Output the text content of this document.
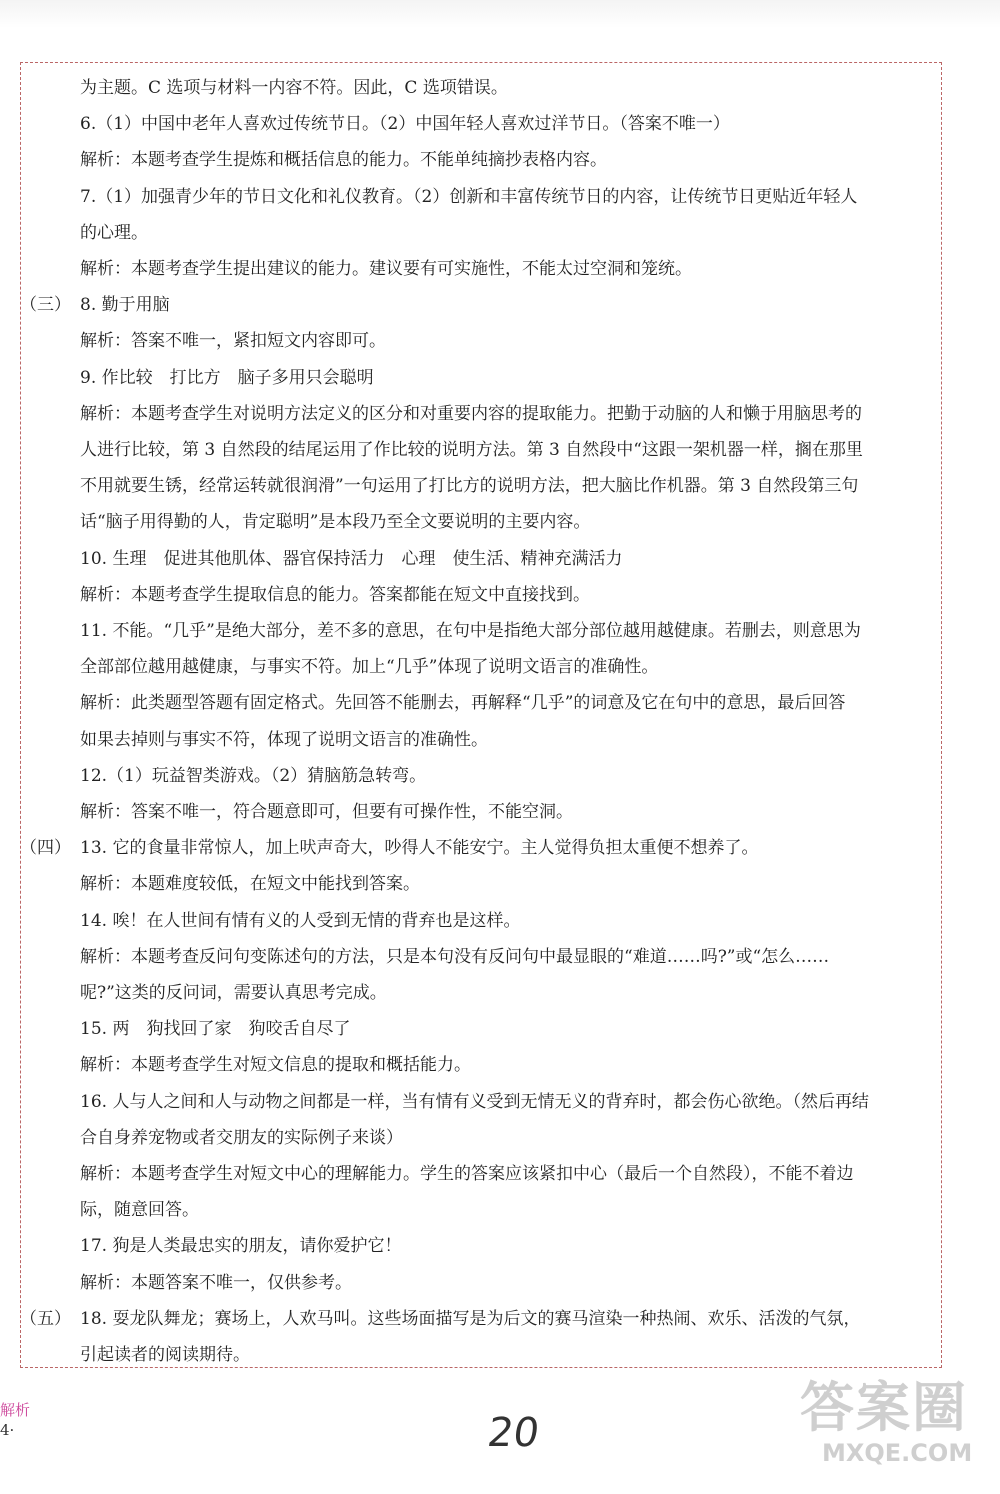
为主题。C 选项与材料一内容不符。因此，C 选项错误。
6.（1）中国中老年人喜欢过传统节日。（2）中国年轻人喜欢过洋节日。（答案不唯一）
解析：本题考查学生提炼和概括信息的能力。不能单纯摘抄表格内容。
7.（1）加强青少年的节日文化和礼仪教育。（2）创新和丰富传统节日的内容，让传统节日更贴近年轻人
的心理。
解析：本题考查学生提出建议的能力。建议要有可实施性，不能太过空洞和笼统。
（三） 8. 勤于用脑
解析：答案不唯一，紧扣短文内容即可。
9. 作比较　打比方　脑子多用只会聪明
解析：本题考查学生对说明方法定义的区分和对重要内容的提取能力。把勤于动脑的人和懒于用脑思考的
人进行比较，第 3 自然段的结尾运用了作比较的说明方法。第 3 自然段中“这跟一架机器一样，搁在那里
不用就要生锈，经常运转就很润滑”一句运用了打比方的说明方法，把大脑比作机器。第 3 自然段第三句
话“脑子用得勤的人，肯定聪明”是本段乃至全文要说明的主要内容。
10. 生理　促进其他肌体、器官保持活力　心理　使生活、精神充满活力
解析：本题考查学生提取信息的能力。答案都能在短文中直接找到。
11. 不能。“几乎”是绝大部分，差不多的意思，在句中是指绝大部分部位越用越健康。若删去，则意思为
全部部位越用越健康，与事实不符。加上“几乎”体现了说明文语言的准确性。
解析：此类题型答题有固定格式。先回答不能删去，再解释“几乎”的词意及它在句中的意思，最后回答
如果去掉则与事实不符，体现了说明文语言的准确性。
12.（1）玩益智类游戏。（2）猜脑筋急转弯。
解析：答案不唯一，符合题意即可，但要有可操作性，不能空洞。
（四） 13. 它的食量非常惊人，加上吠声奇大，吵得人不能安宁。主人觉得负担太重便不想养了。
解析：本题难度较低，在短文中能找到答案。
14. 唉！在人世间有情有义的人受到无情的背弃也是这样。
解析：本题考查反问句变陈述句的方法，只是本句没有反问句中最显眼的“难道……吗?”或“怎么……
呢?”这类的反问词，需要认真思考完成。
15. 两　狗找回了家　狗咬舌自尽了
解析：本题考查学生对短文信息的提取和概括能力。
16. 人与人之间和人与动物之间都是一样，当有情有义受到无情无义的背弃时，都会伤心欲绝。（然后再结
合自身养宠物或者交朋友的实际例子来谈）
解析：本题考查学生对短文中心的理解能力。学生的答案应该紧扣中心（最后一个自然段），不能不着边
际，随意回答。
17. 狗是人类最忠实的朋友，请你爱护它！
解析：本题答案不唯一，仅供参考。
（五） 18. 耍龙队舞龙；赛场上，人欢马叫。这些场面描写是为后文的赛马渲染一种热闹、欢乐、活泼的气氛，
引起读者的阅读期待。
解析
4·	20	答案圈
MXQE.COM
